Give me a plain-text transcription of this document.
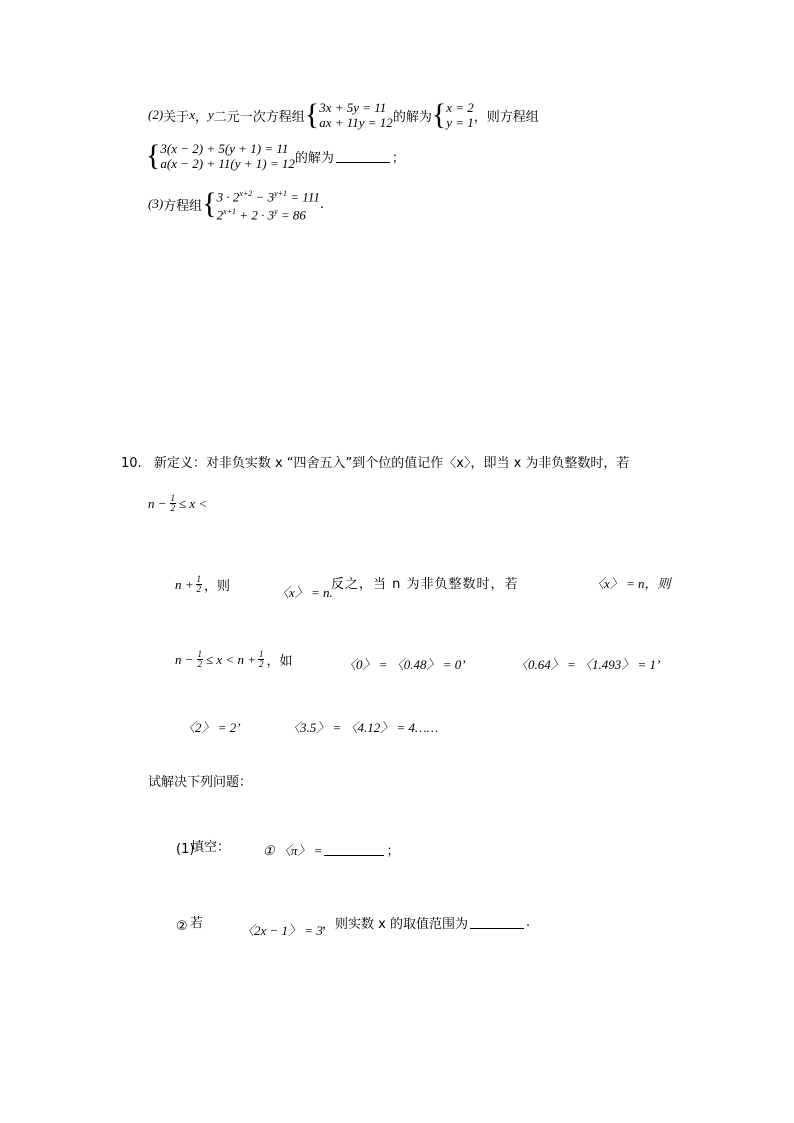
(2) 关于 x ， y 二元一次方程组 { 3x + 5y = 11
ax + 11y = 12 的解为 { x = 2
y = 1 ，则方程组
{ 3(x − 2) + 5(y + 1) = 11
a(x − 2) + 11(y + 1) = 12 的解为	；
(3) 方程组 { $3 \cdot 2^{x+2} - 3^{y+1} = 111$
$2^{x+1} + 2 \cdot 3^y = 86$
.
10. 新定义：对非负实数 x “四舍五入”到个位的值记作〈x〉，即当 x 为非负整数时，若
$n - \frac{1}{2} \le x$ <
$n + \frac{1}{2}$ ，则	〈x〉 = n.
反之，当 n 为非负整数时，若	〈x〉 = n，则
$n - \frac{1}{2} \le x < n + \frac{1}{2}$ ，如	〈0〉 = 〈0.48〉 = 0’	〈0.64〉 = 〈1.493〉 = 1’
〈2〉 = 2’	〈3.5〉 = 〈4.12〉 = 4……
试解决下列问题：
(1)
填空：	① 〈π〉 =	；
② 若	〈2x − 1〉 = 3 ，则实数 x 的取值范围为	.
